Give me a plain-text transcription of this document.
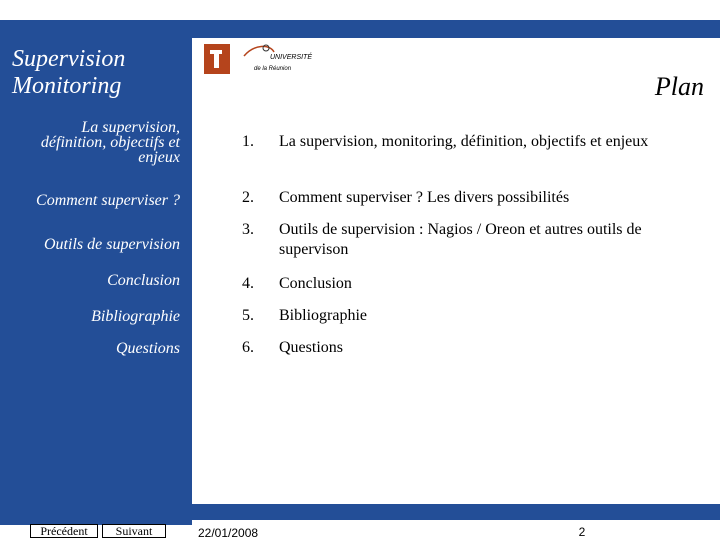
Supervision
Monitoring
La supervision,
définition, objectifs et
enjeux
Comment superviser ?
Outils de supervision
Conclusion
Bibliographie
Questions
UNIVERSITÉ
de la Réunion
Plan
1.	La supervision, monitoring, définition, objectifs et enjeux
2.	Comment superviser ? Les divers possibilités
3.	Outils de supervision : Nagios / Oreon et autres outils de supervison
4.	Conclusion
5.	Bibliographie
6.	Questions
Précédent	Suivant	22/01/2008	2
